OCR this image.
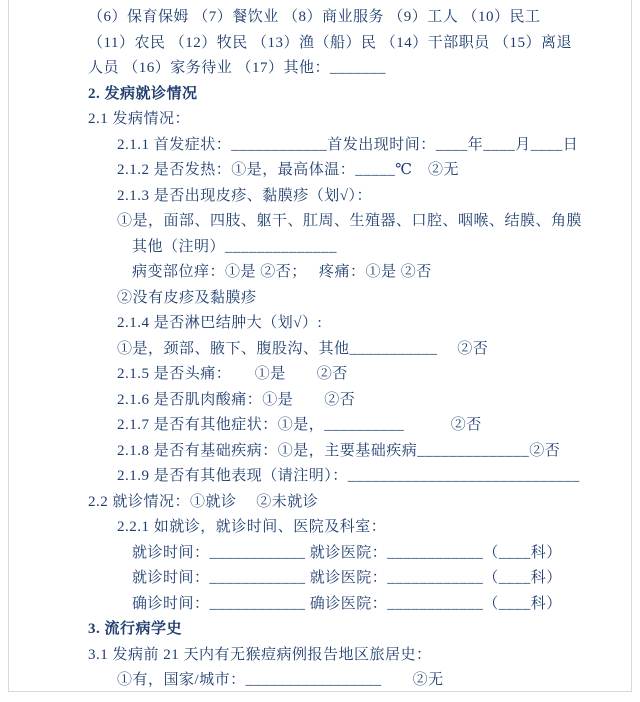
（6）保育保姆 （7）餐饮业 （8）商业服务 （9）工人 （10）民工
（11）农民 （12）牧民 （13）渔（船）民 （14）干部职员 （15）离退
人员 （16）家务待业 （17）其他：_______
2. 发病就诊情况
2.1 发病情况：
2.1.1 首发症状：____________首发出现时间：____年____月____日
2.1.2 是否发热：①是，最高体温：_____℃　②无
2.1.3 是否出现皮疹、黏膜疹（划√）：
①是，面部、四肢、躯干、肛周、生殖器、口腔、咽喉、结膜、角膜
其他（注明）______________
病变部位痒：①是 ②否；　 疼痛：①是 ②否
②没有皮疹及黏膜疹
2.1.4 是否淋巴结肿大（划√）:
①是，颈部、腋下、腹股沟、其他___________　 ②否
2.1.5 是否头痛：　　①是　　②否
2.1.6 是否肌肉酸痛：①是　　②否
2.1.7 是否有其他症状：①是，__________　　　②否
2.1.8 是否有基础疾病：①是，主要基础疾病______________②否
2.1.9 是否有其他表现（请注明）：_____________________________
2.2 就诊情况：①就诊　 ②未就诊
2.2.1 如就诊，就诊时间、医院及科室：
就诊时间：____________ 就诊医院：____________（____科）
就诊时间：____________ 就诊医院：____________（____科）
确诊时间：____________ 确诊医院：____________（____科）
3. 流行病学史
3.1 发病前 21 天内有无猴痘病例报告地区旅居史：
①有，国家/城市：_________________　　②无
